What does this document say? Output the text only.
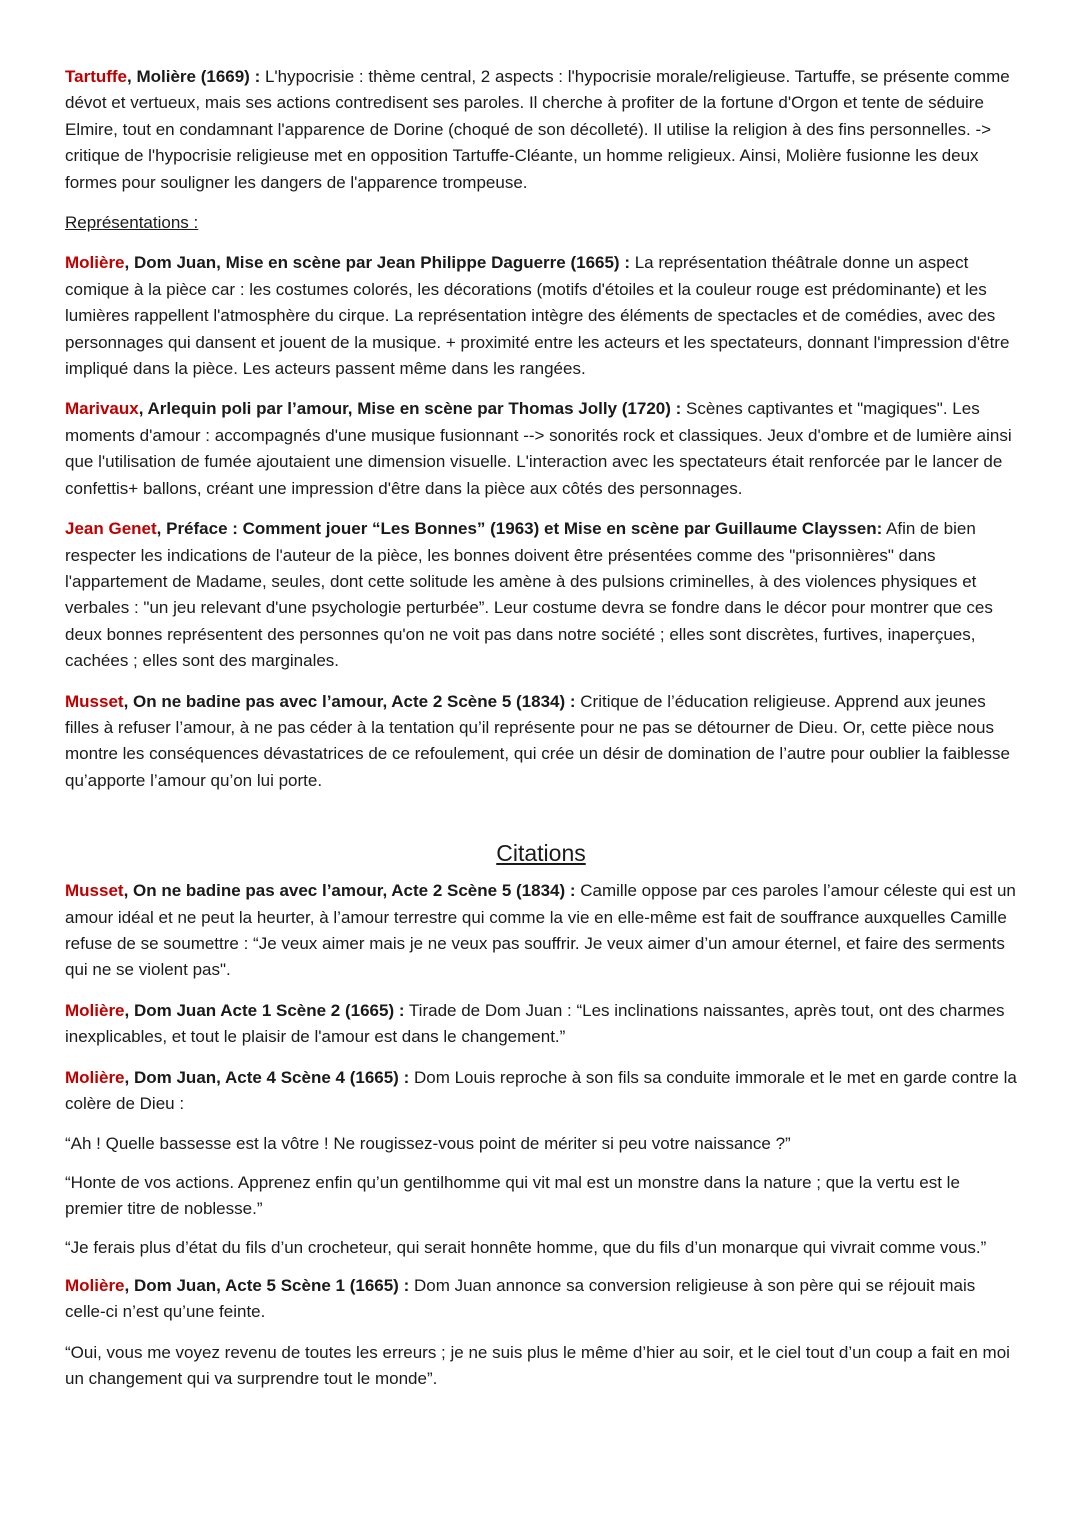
Tartuffe, Molière (1669) : L'hypocrisie : thème central, 2 aspects : l'hypocrisie morale/religieuse. Tartuffe, se présente comme dévot et vertueux, mais ses actions contredisent ses paroles. Il cherche à profiter de la fortune d'Orgon et tente de séduire Elmire, tout en condamnant l'apparence de Dorine (choqué de son décolleté). Il utilise la religion à des fins personnelles. -> critique de l'hypocrisie religieuse met en opposition Tartuffe-Cléante, un homme religieux. Ainsi, Molière fusionne les deux formes pour souligner les dangers de l'apparence trompeuse.

Représentations :

Molière, Dom Juan, Mise en scène par Jean Philippe Daguerre (1665) : La représentation théâtrale donne un aspect comique à la pièce car : les costumes colorés, les décorations (motifs d'étoiles et la couleur rouge est prédominante) et les lumières rappellent l'atmosphère du cirque. La représentation intègre des éléments de spectacles et de comédies, avec des personnages qui dansent et jouent de la musique. + proximité entre les acteurs et les spectateurs, donnant l'impression d'être impliqué dans la pièce. Les acteurs passent même dans les rangées.

Marivaux, Arlequin poli par l’amour, Mise en scène par Thomas Jolly (1720) : Scènes captivantes et "magiques". Les moments d'amour : accompagnés d'une musique fusionnant --> sonorités rock et classiques. Jeux d'ombre et de lumière ainsi que l'utilisation de fumée ajoutaient une dimension visuelle. L'interaction avec les spectateurs était renforcée par le lancer de confettis+ ballons, créant une impression d'être dans la pièce aux côtés des personnages.

Jean Genet, Préface : Comment jouer “Les Bonnes” (1963) et Mise en scène par Guillaume Clayssen: Afin de bien respecter les indications de l'auteur de la pièce, les bonnes doivent être présentées comme des "prisonnières" dans l'appartement de Madame, seules, dont cette solitude les amène à des pulsions criminelles, à des violences physiques et verbales : "un jeu relevant d'une psychologie perturbée”. Leur costume devra se fondre dans le décor pour montrer que ces deux bonnes représentent des personnes qu'on ne voit pas dans notre société ; elles sont discrètes, furtives, inaperçues, cachées ; elles sont des marginales.

Musset, On ne badine pas avec l’amour, Acte 2 Scène 5 (1834) : Critique de l’éducation religieuse. Apprend aux jeunes filles à refuser l’amour, à ne pas céder à la tentation qu’il représente pour ne pas se détourner de Dieu. Or, cette pièce nous montre les conséquences dévastatrices de ce refoulement, qui crée un désir de domination de l’autre pour oublier la faiblesse qu’apporte l’amour qu’on lui porte.

Citations

Musset, On ne badine pas avec l’amour, Acte 2 Scène 5 (1834) : Camille oppose par ces paroles l’amour céleste qui est un amour idéal et ne peut la heurter, à l’amour terrestre qui comme la vie en elle-même est fait de souffrance auxquelles Camille refuse de se soumettre : “Je veux aimer mais je ne veux pas souffrir. Je veux aimer d’un amour éternel, et faire des serments qui ne se violent pas".

Molière, Dom Juan Acte 1 Scène 2 (1665) : Tirade de Dom Juan : “Les inclinations naissantes, après tout, ont des charmes inexplicables, et tout le plaisir de l'amour est dans le changement.”

Molière, Dom Juan, Acte 4 Scène 4 (1665) : Dom Louis reproche à son fils sa conduite immorale et le met en garde contre la colère de Dieu :

“Ah ! Quelle bassesse est la vôtre ! Ne rougissez-vous point de mériter si peu votre naissance ?”

“Honte de vos actions. Apprenez enfin qu’un gentilhomme qui vit mal est un monstre dans la nature ; que la vertu est le premier titre de noblesse.”

“Je ferais plus d’état du fils d’un crocheteur, qui serait honnête homme, que du fils d’un monarque qui vivrait comme vous.”

Molière, Dom Juan, Acte 5 Scène 1 (1665) : Dom Juan annonce sa conversion religieuse à son père qui se réjouit mais celle-ci n’est qu’une feinte.

“Oui, vous me voyez revenu de toutes les erreurs ; je ne suis plus le même d’hier au soir, et le ciel tout d’un coup a fait en moi un changement qui va surprendre tout le monde”.
